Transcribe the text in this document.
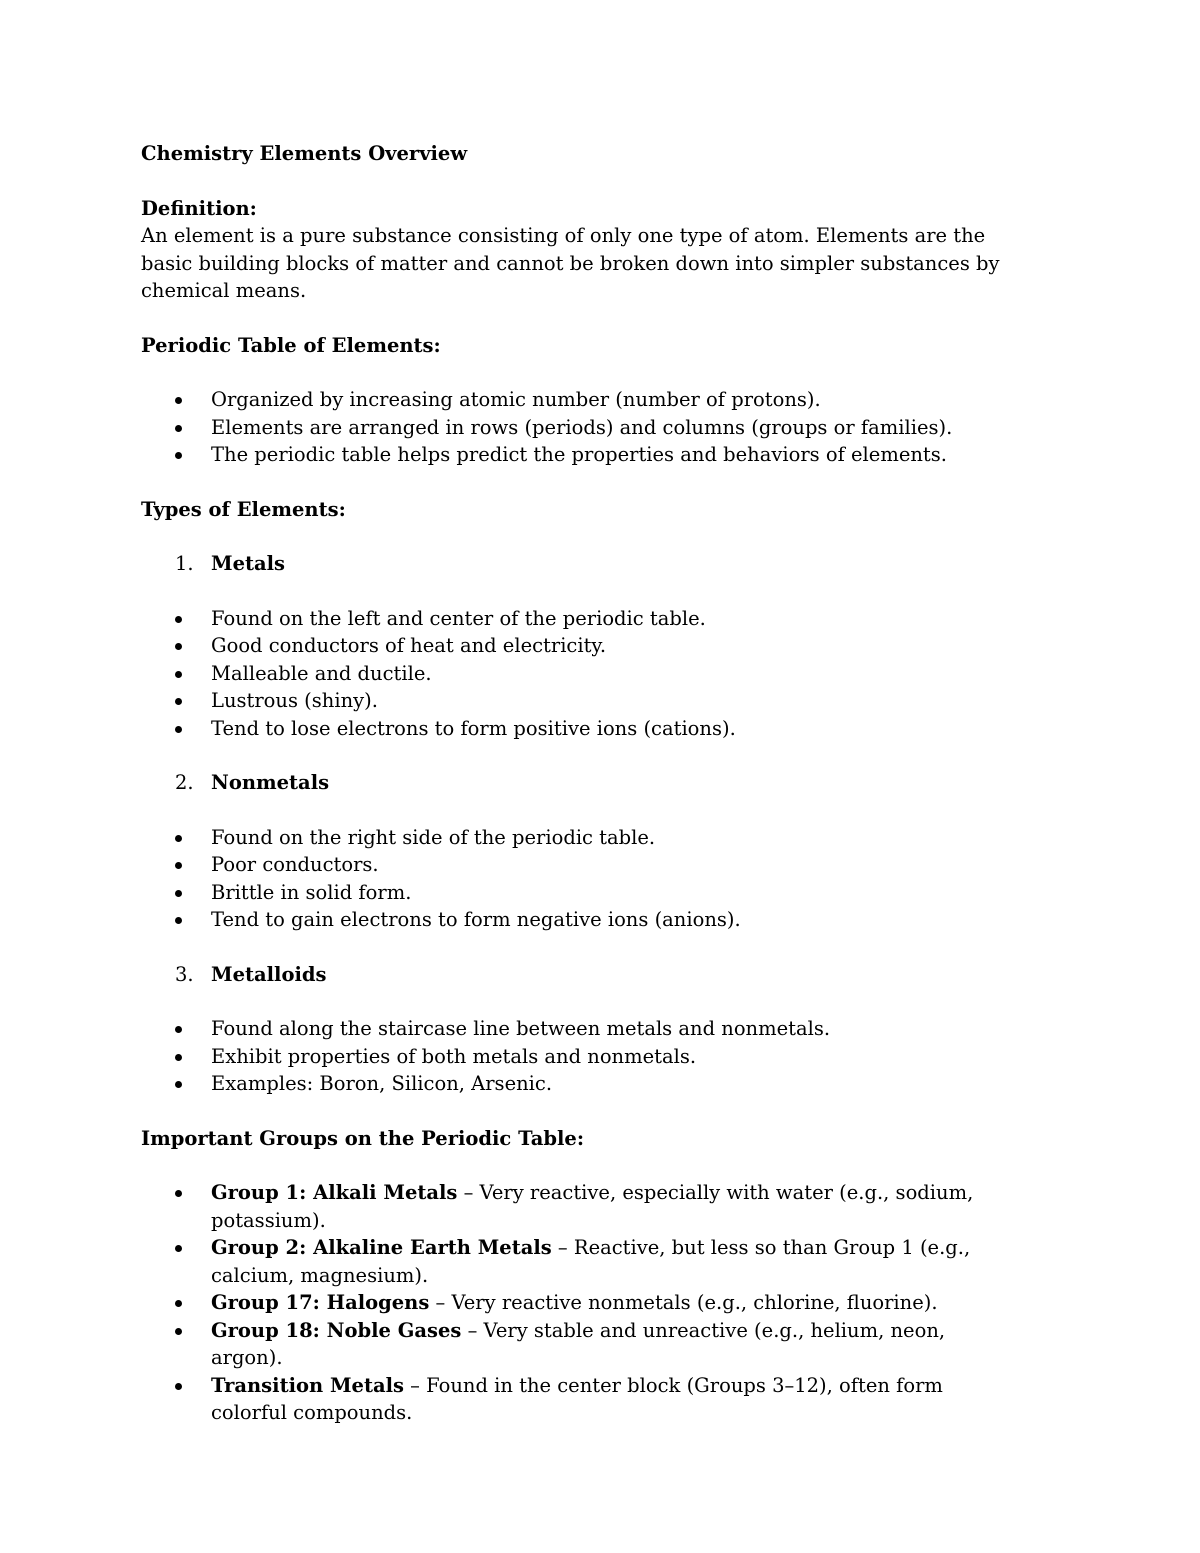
Chemistry Elements Overview

Definition:

An element is a pure substance consisting of only one type of atom. Elements are the basic building blocks of matter and cannot be broken down into simpler substances by chemical means.

Periodic Table of Elements:

Organized by increasing atomic number (number of protons).
Elements are arranged in rows (periods) and columns (groups or families).
The periodic table helps predict the properties and behaviors of elements.

Types of Elements:

1. Metals
Found on the left and center of the periodic table.
Good conductors of heat and electricity.
Malleable and ductile.
Lustrous (shiny).
Tend to lose electrons to form positive ions (cations).
2. Nonmetals
Found on the right side of the periodic table.
Poor conductors.
Brittle in solid form.
Tend to gain electrons to form negative ions (anions).
3. Metalloids
Found along the staircase line between metals and nonmetals.
Exhibit properties of both metals and nonmetals.
Examples: Boron, Silicon, Arsenic.

Important Groups on the Periodic Table:

Group 1: Alkali Metals – Very reactive, especially with water (e.g., sodium, potassium).
Group 2: Alkaline Earth Metals – Reactive, but less so than Group 1 (e.g., calcium, magnesium).
Group 17: Halogens – Very reactive nonmetals (e.g., chlorine, fluorine).
Group 18: Noble Gases – Very stable and unreactive (e.g., helium, neon, argon).
Transition Metals – Found in the center block (Groups 3–12), often form colorful compounds.
